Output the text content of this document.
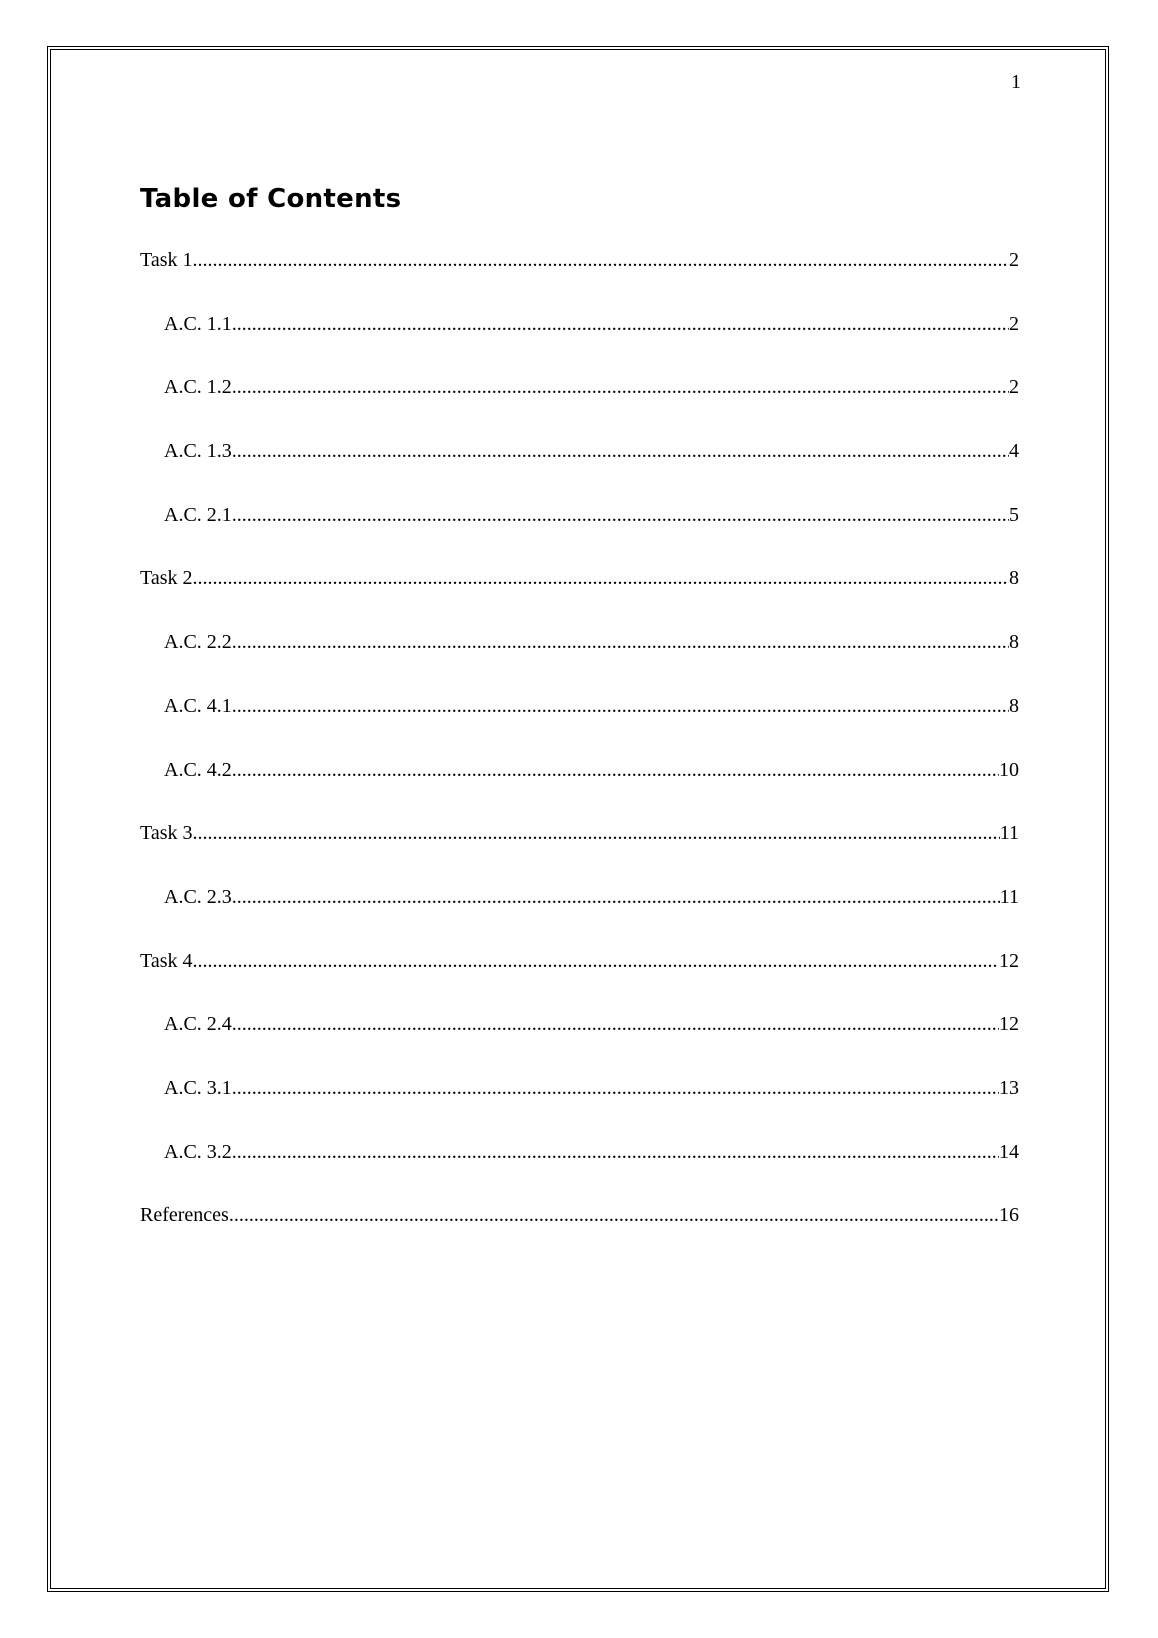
1
Table of Contents
Task 1 .....	2
A.C. 1.1 .....	2
A.C. 1.2 .....	2
A.C. 1.3 .....	4
A.C. 2.1 .....	5
Task 2 .....	8
A.C. 2.2 .....	8
A.C. 4.1 .....	8
A.C. 4.2 .....	10
Task 3 .....	11
A.C. 2.3 .....	11
Task 4 .....	12
A.C. 2.4 .....	12
A.C. 3.1 .....	13
A.C. 3.2 .....	14
References .....	16
